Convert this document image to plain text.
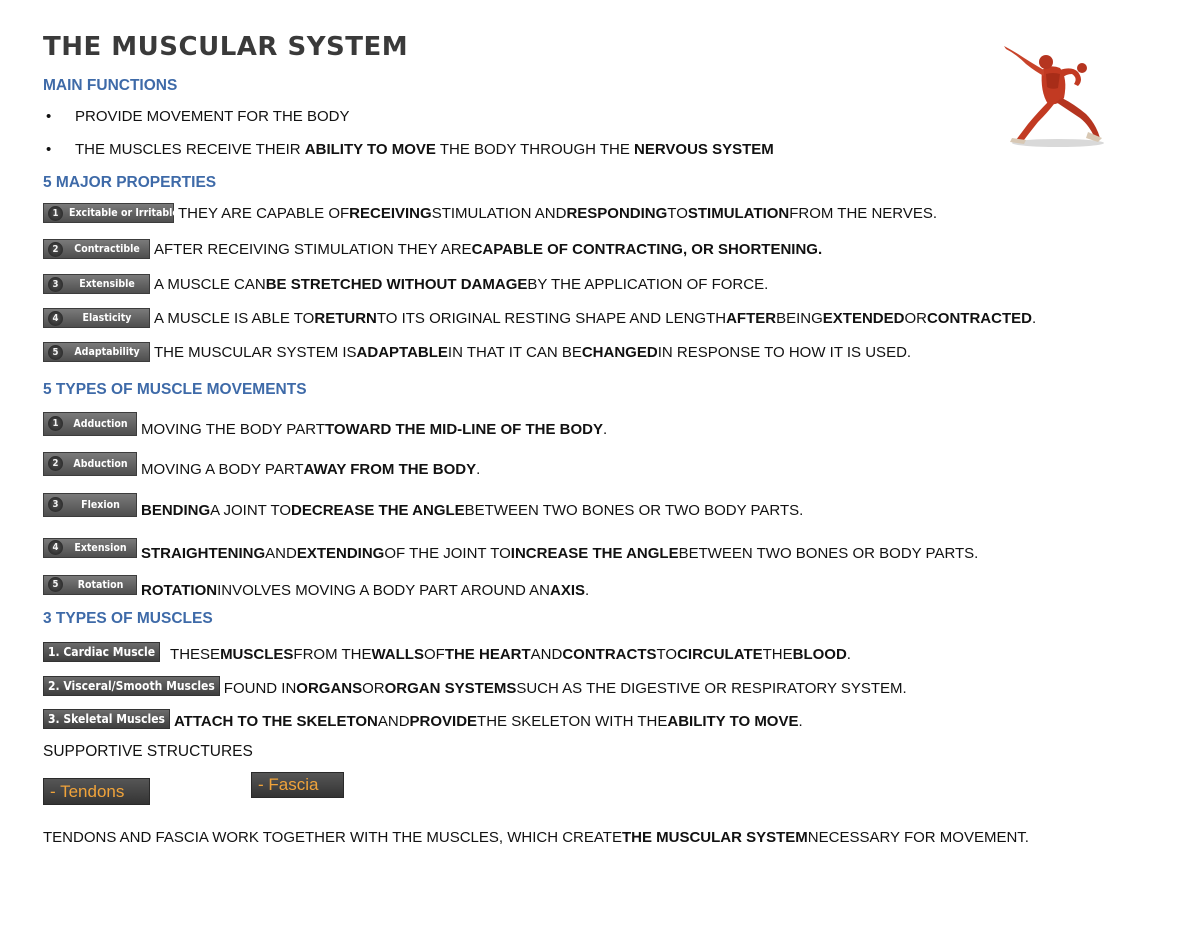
THE MUSCULAR SYSTEM
MAIN FUNCTIONS
• PROVIDE MOVEMENT FOR THE BODY
• THE MUSCLES RECEIVE THEIR ABILITY TO MOVE THE BODY THROUGH THE NERVOUS SYSTEM
5 MAJOR PROPERTIES
1	Excitable or Irritable THEY ARE CAPABLE OF RECEIVING STIMULATION AND RESPONDING TO STIMULATION FROM THE NERVES.
2	Contractible AFTER RECEIVING STIMULATION THEY ARE CAPABLE OF CONTRACTING, OR SHORTENING.
3	Extensible	A MUSCLE CAN BE STRETCHED WITHOUT DAMAGE BY THE APPLICATION OF FORCE.
4	Elasticity	A MUSCLE IS ABLE TO RETURN TO ITS ORIGINAL RESTING SHAPE AND LENGTH AFTER BEING EXTENDED OR CONTRACTED .
5	Adaptability THE MUSCULAR SYSTEM IS ADAPTABLE IN THAT IT CAN BE CHANGED IN RESPONSE TO HOW IT IS USED.
5 TYPES OF MUSCLE MOVEMENTS
1	Adduction MOVING THE BODY PART TOWARD THE MID-LINE OF THE BODY .
2	Abduction MOVING A BODY PART AWAY FROM THE BODY .
3	Flexion	BENDING A JOINT TO DECREASE THE ANGLE BETWEEN TWO BONES OR TWO BODY PARTS.
4	Extension STRAIGHTENING AND EXTENDING OF THE JOINT TO INCREASE THE ANGLE BETWEEN TWO BONES OR BODY PARTS.
5	Rotation	ROTATION INVOLVES MOVING A BODY PART AROUND AN AXIS .
3 TYPES OF MUSCLES
1. Cardiac Muscle	THESE MUSCLES FROM THE WALLS OF THE HEART AND CONTRACTS TO CIRCULATE THE BLOOD .
2. Visceral/Smooth Muscles FOUND IN ORGANS OR ORGAN SYSTEMS SUCH AS THE DIGESTIVE OR RESPIRATORY SYSTEM.
3. Skeletal Muscles ATTACH TO THE SKELETON AND PROVIDE THE SKELETON WITH THE ABILITY TO MOVE .
SUPPORTIVE STRUCTURES
- Tendons	- Fascia
TENDONS AND FASCIA WORK TOGETHER WITH THE MUSCLES, WHICH CREATE THE MUSCULAR SYSTEM NECESSARY FOR MOVEMENT.
